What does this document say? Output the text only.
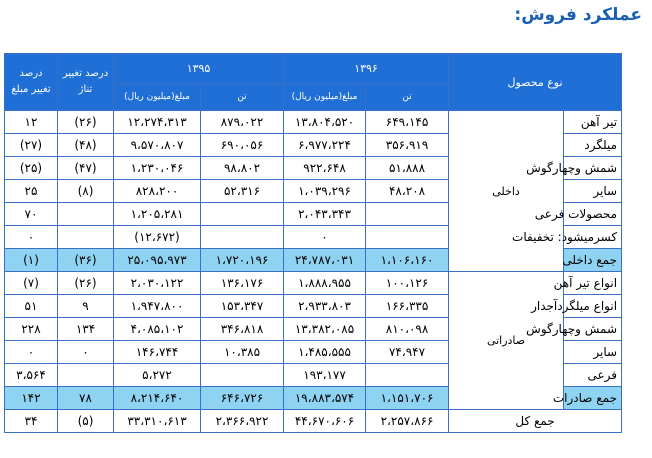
عملکرد فروش:
نوع محصول		۱۳۹۶		۱۳۹۵		درصد تغییر تناژ	درصد تغییر مبلغ
		تن	مبلغ(میلیون ریال)	تن	مبلغ(میلیون ریال)		
تیر آهن	داخلی	۶۴۹،۱۴۵	۱۳،۸۰۴،۵۲۰	۸۷۹،۰۲۲	۱۲،۲۷۴،۳۱۳	(۲۶)	۱۲
میلگرد		۳۵۶،۹۱۹	۶،۹۷۷،۲۲۴	۶۹۰،۰۵۶	۹،۵۷۰،۸۰۷	(۴۸)	(۲۷)
شمش وچهارگوش		۵۱،۸۸۸	۹۲۲،۶۴۸	۹۸،۸۰۲	۱،۲۳۰،۰۴۶	(۴۷)	(۲۵)
سایر		۴۸،۲۰۸	۱،۰۳۹،۲۹۶	۵۲،۳۱۶	۸۲۸،۲۰۰	(۸)	۲۵
محصولات فرعی			۲،۰۴۳،۳۴۳		۱،۲۰۵،۲۸۱		۷۰
کسرمیشود: تخفیفات			۰		(۱۲،۶۷۲)		۰
جمع داخلی		۱،۱۰۶،۱۶۰	۲۴،۷۸۷،۰۳۱	۱،۷۲۰،۱۹۶	۲۵،۰۹۵،۹۷۳	(۳۶)	(۱)
انواع تیر آهن	صادراتی	۱۰۰،۱۲۶	۱،۸۸۸،۹۵۵	۱۳۶،۱۷۶	۲،۰۳۰،۱۲۲	(۲۶)	(۷)
انواع میلگردآجدار		۱۶۶،۳۳۵	۲،۹۳۳،۸۰۳	۱۵۳،۳۴۷	۱،۹۴۷،۸۰۰	۹	۵۱
شمش وچهارگوش		۸۱۰،۰۹۸	۱۳،۳۸۲،۰۸۵	۳۴۶،۸۱۸	۴،۰۸۵،۱۰۲	۱۳۴	۲۲۸
سایر		۷۴،۹۴۷	۱،۴۸۵،۵۵۵	۱۰،۳۸۵	۱۴۶،۷۴۴	۰	۰
فرعی			۱۹۳،۱۷۷		۵،۲۷۲		۳،۵۶۴
جمع صادرات		۱،۱۵۱،۷۰۶	۱۹،۸۸۳،۵۷۴	۶۴۶،۷۲۶	۸،۲۱۴،۶۴۰	۷۸	۱۴۲
جمع کل		۲،۲۵۷،۸۶۶	۴۴،۶۷۰،۶۰۶	۲،۳۶۶،۹۲۲	۳۳،۳۱۰،۶۱۳	(۵)	۳۴
